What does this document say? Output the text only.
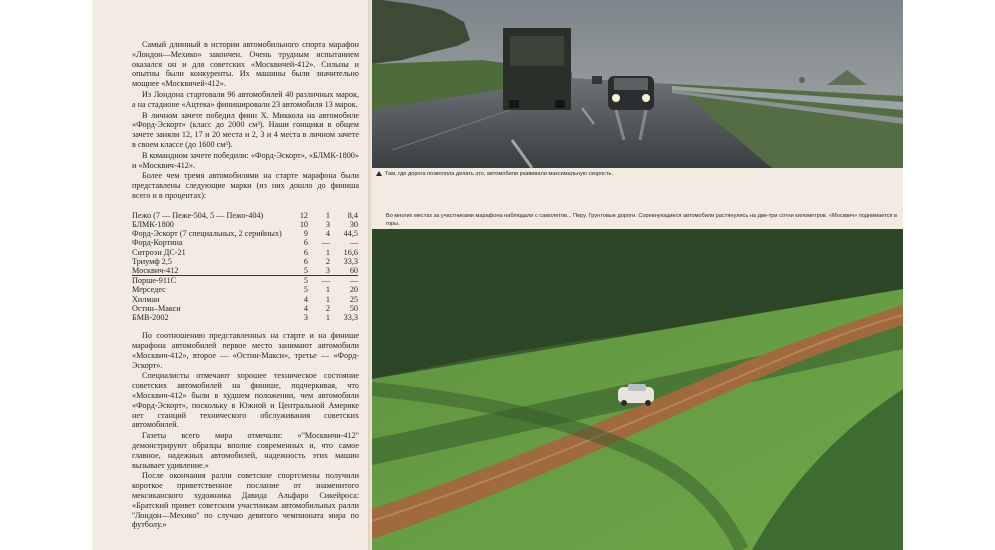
Самый длинный в истории автомобильного спорта марафон «Лондон—Мехико» закончен. Очень трудным испытанием оказался он и для советских «Москвичей-412». Сильны и опытны были конкуренты. Их машины были значительно мощнее «Москвичей-412».

Из Лондона стартовали 96 автомобилей 40 различных марок, а на стадионе «Ацтека» финишировали 23 автомобиля 13 марок.

В личном зачете победил финн Х. Миккола на автомобиле «Форд-Эскорт» (класс до 2000 см³). Наши гонщики в общем зачете заняли 12, 17 и 20 места и 2, 3 и 4 места в личном зачете в своем классе (до 1600 см³).

В командном зачете победили: «Форд-Эскорт», «БЛМК-1800» и «Москвич-412».

Более чем тремя автомобилями на старте марафона были представлены следующие марки (из них дошло до финиша всего и в процентах):

Пежо (7 — Пеже-504, 5 — Пежо-404)	12	1	8,4
БЛМК-1800	10	3	30
Форд-Эскорт (7 специальных, 2 серийных)	9	4	44,5
Форд-Кортина	6	—	—
Ситроэн ДС-21	6	1	16,6
Триумф 2,5	6	2	33,3
Москвич-412	5	3	60
Порше-911С	5	—	—
Мерседес	5	1	20
Хилман	4	1	25
Остин–Макси	4	2	50
БМВ-2002	3	1	33,3

По соотношению представленных на старте и на финише марафона автомобилей первое место занимают автомобили «Москвич-412», второе — «Остин-Макси», третье — «Форд-Эскорт».

Специалисты отмечают хорошее техническое состояние советских автомобилей на финише, подчеркивая, что «Москвич-412» были в худшем положении, чем автомобили «Форд-Эскорт», поскольку в Южной и Центральной Америке нет станций технического обслуживания советских автомобилей.

Газеты всего мира отмечали: «"Москвичи-412" демонстрируют образцы вполне современных и, что самое главное, надежных автомобилей, надежность этих машин вызывает удивление.»

После окончания ралли советские спортсмены получили короткое приветственное послание от знаменитого мексиканского художника Давида Альфаро Сикейроса: «Братский привет советским участникам автомобильных ралли ''Лондон—Мехико'' по случаю девятого чемпионата мира по футболу.»

Там, где дорога позволяла делать это, автомобили развивали максимальную скорость.
Во многих местах за участниками марафона наблюдали с самолетов... Перу. Грунтовые дороги. Соревнующиеся автомобили растянулись на две-три сотни километров. «Москвич» поднимается в горы.
